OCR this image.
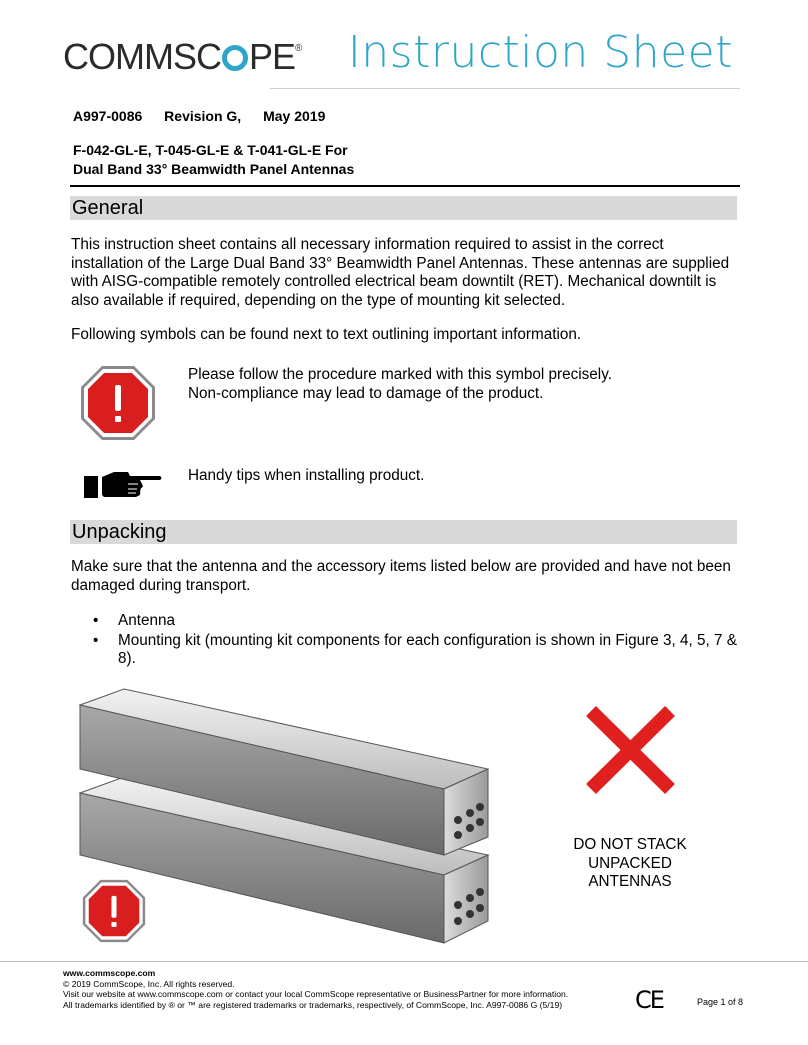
COMMSC PE® Instruction Sheet
A997-0086 Revision G, May 2019
F-042-GL-E, T-045-GL-E & T-041-GL-E For
Dual Band 33° Beamwidth Panel Antennas
General

This instruction sheet contains all necessary information required to assist in the correct installation of the Large Dual Band 33° Beamwidth Panel Antennas. These antennas are supplied with AISG-compatible remotely controlled electrical beam downtilt (RET). Mechanical downtilt is also available if required, depending on the type of mounting kit selected.

Following symbols can be found next to text outlining important information.

Please follow the procedure marked with this symbol precisely.
Non-compliance may lead to damage of the product.
Handy tips when installing product.
Unpacking

Make sure that the antenna and the accessory items listed below are provided and have not been damaged during transport.

• Antenna
• Mounting kit (mounting kit components for each configuration is shown in Figure 3, 4, 5, 7 & 8).
DO NOT STACK UNPACKED ANTENNAS
www.commscope.com
© 2019 CommScope, Inc. All rights reserved.
Visit our website at www.commscope.com or contact your local CommScope representative or BusinessPartner for more information.
All trademarks identified by ® or ™ are registered trademarks or trademarks, respectively, of CommScope, Inc. A997-0086 G (5/19)	CE	Page 1 of 8
